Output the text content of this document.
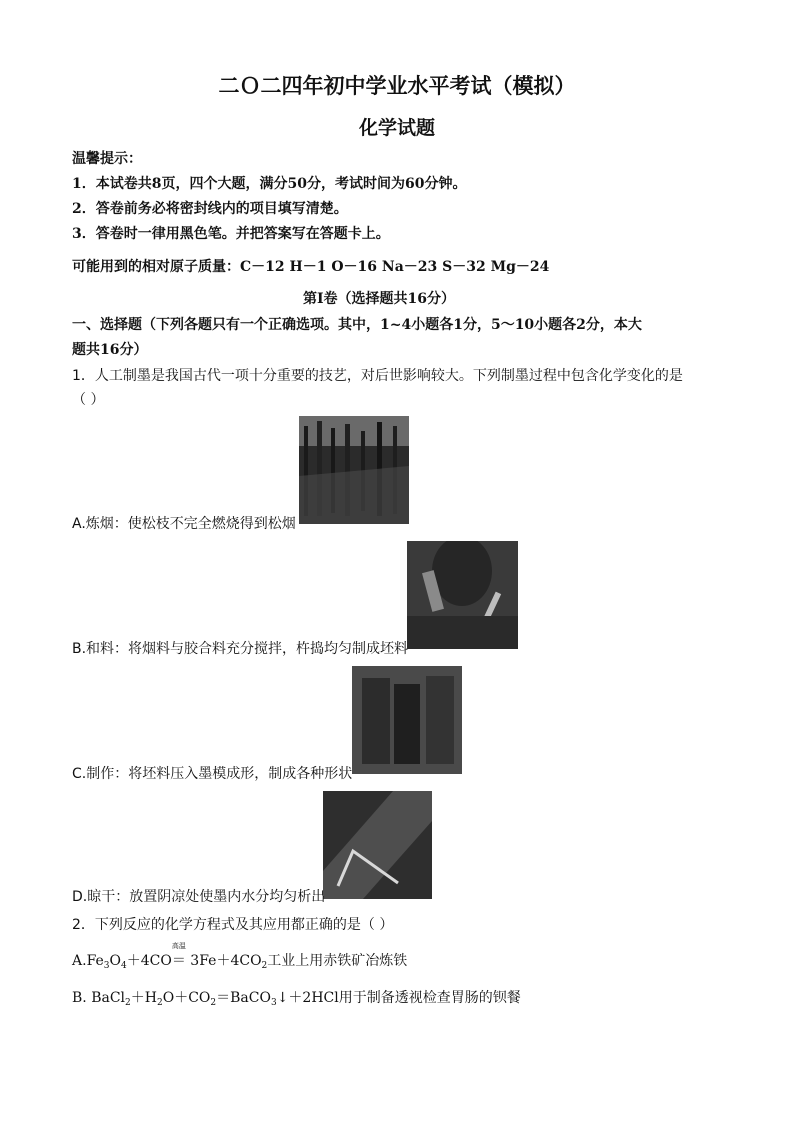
二Ｏ二四年初中学业水平考试（模拟）
化学试题
温馨提示：
1．本试卷共8页，四个大题，满分50分，考试时间为60分钟。
2．答卷前务必将密封线内的项目填写清楚。
3．答卷时一律用黑色笔。并把答案写在答题卡上。
可能用到的相对原子质量：C－12 H－1 O－16 Na－23 S－32 Mg－24
第Ⅰ卷（选择题共16分）
一、选择题（下列各题只有一个正确选项。其中，1~4小题各1分，5～10小题各2分，本大
题共16分）
1．人工制墨是我国古代一项十分重要的技艺，对后世影响较大。下列制墨过程中包含化学变化的是
（ ）
A.炼烟：使松枝不完全燃烧得到松烟
B.和料：将烟料与胶合料充分搅拌，杵捣均匀制成坯料
C.制作：将坯料压入墨模成形，制成各种形状
D.晾干：放置阴凉处使墨内水分均匀析出
2．下列反应的化学方程式及其应用都正确的是（ ）
$A.Fe_3O_4+4CO$
高温
＝ $3Fe+4CO_2$工业上用赤铁矿冶炼铁
B. $BaCl_2+H_2O+CO_2=BaCO_3↓+2HCl$用于制备透视检查胃肠的钡餐
